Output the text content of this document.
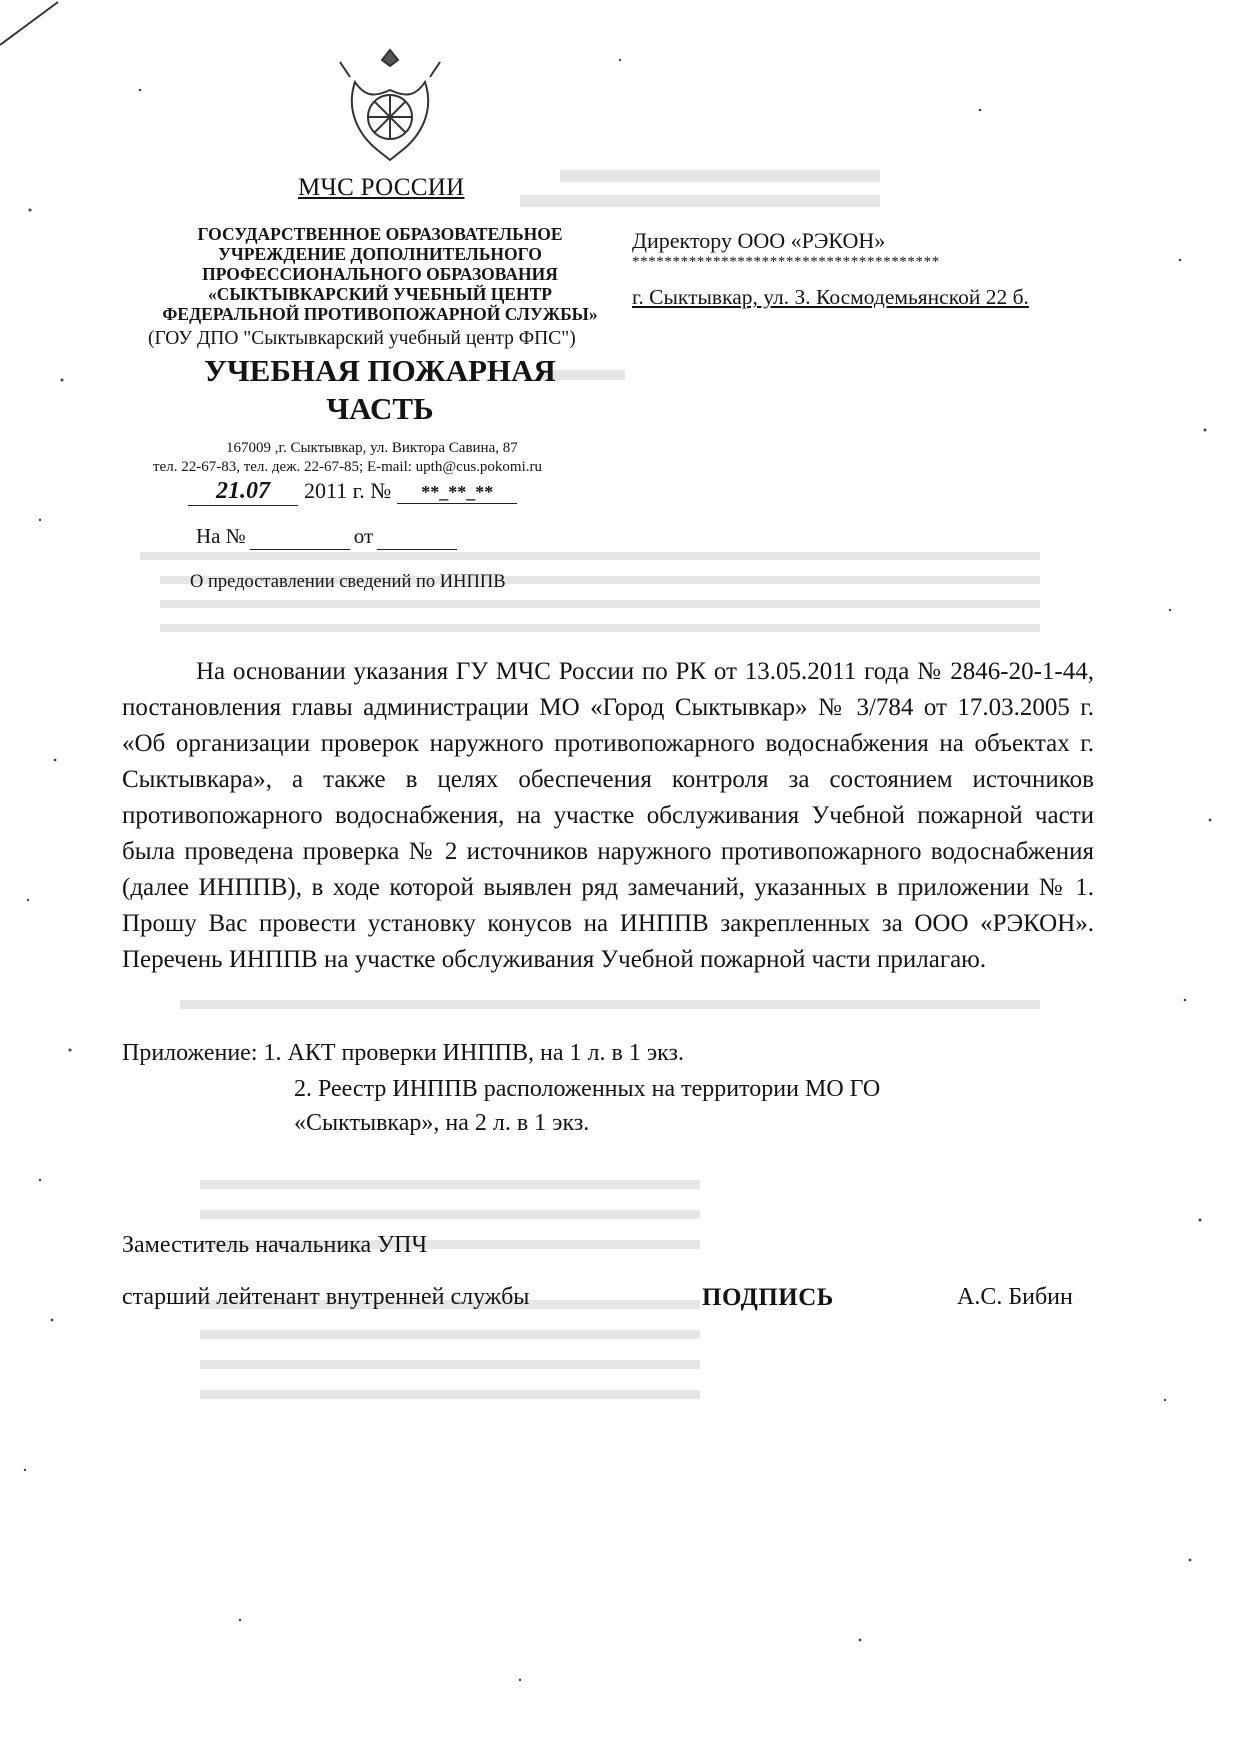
МЧС РОССИИ
ГОСУДАРСТВЕННОЕ ОБРАЗОВАТЕЛЬНОЕ
УЧРЕЖДЕНИЕ ДОПОЛНИТЕЛЬНОГО
ПРОФЕССИОНАЛЬНОГО ОБРАЗОВАНИЯ
«СЫКТЫВКАРСКИЙ УЧЕБНЫЙ ЦЕНТР
ФЕДЕРАЛЬНОЙ ПРОТИВОПОЖАРНОЙ СЛУЖБЫ»
(ГОУ ДПО "Сыктывкарский учебный центр ФПС")
УЧЕБНАЯ ПОЖАРНАЯ
ЧАСТЬ
167009 ,г. Сыктывкар, ул. Виктора Савина, 87
тел. 22-67-83, тел. деж. 22-67-85; E-mail: upth@cus.pokomi.ru
21.07 2011 г. № **_**_**
На №	от
О предоставлении сведений по ИНППВ
Директору ООО «РЭКОН»
**************************************
г. Сыктывкар, ул. З. Космодемьянской 22 б.

На основании указания ГУ МЧС России по РК от 13.05.2011 года № 2846-20-1-44, постановления главы администрации МО «Город Сыктывкар» № 3/784 от 17.03.2005 г. «Об организации проверок наружного противопожарного водоснабжения на объектах г. Сыктывкара», а также в целях обеспечения контроля за состоянием источников противопожарного водоснабжения, на участке обслуживания Учебной пожарной части была проведена проверка № 2 источников наружного противопожарного водоснабжения (далее ИНППВ), в ходе которой выявлен ряд замечаний, указанных в приложении № 1. Прошу Вас провести установку конусов на ИНППВ закрепленных за ООО «РЭКОН». Перечень ИНППВ на участке обслуживания Учебной пожарной части прилагаю.

Приложение: 1. АКТ проверки ИНППВ, на 1 л. в 1 экз.
2. Реестр ИНППВ расположенных на территории МО ГО
«Сыктывкар», на 2 л. в 1 экз.
Заместитель начальника УПЧ
старший лейтенант внутренней службы	ПОДПИСЬ	А.С. Бибин
